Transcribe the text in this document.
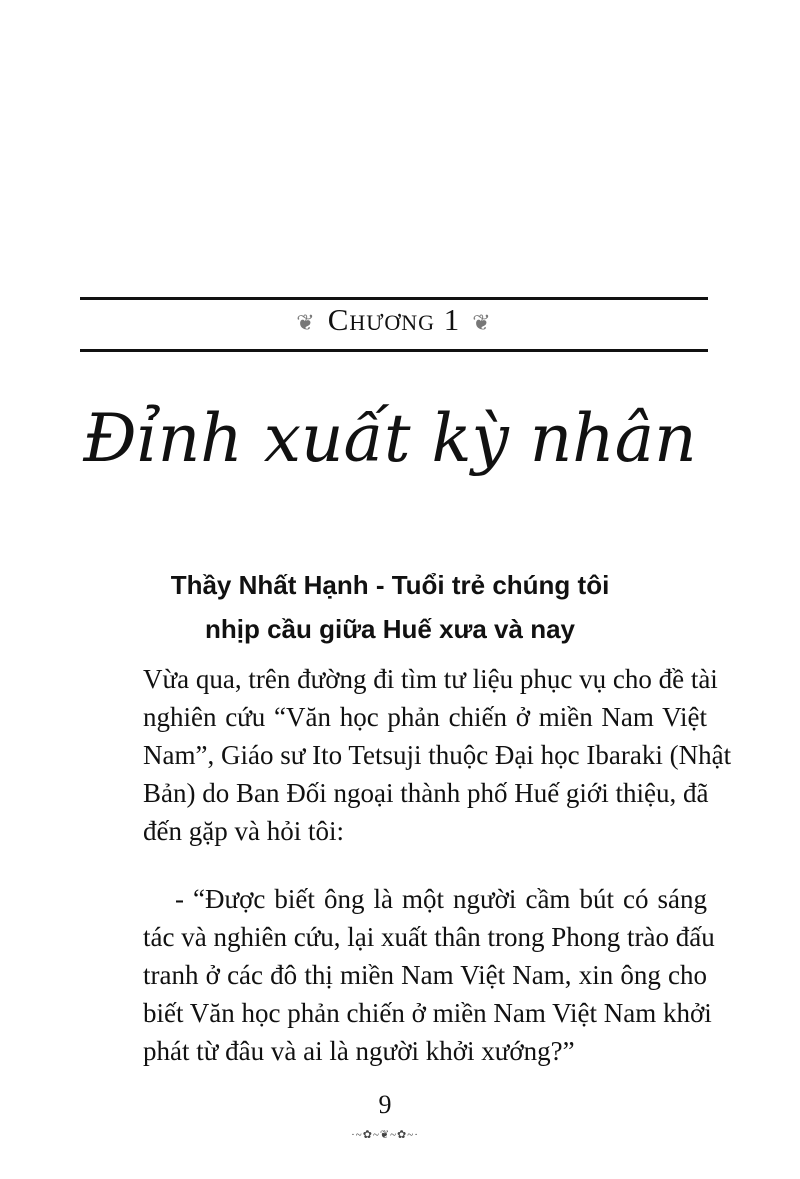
❦ Chương 1 ❦
Đỉnh xuất kỳ nhân
Thầy Nhất Hạnh - Tuổi trẻ chúng tôi
nhịp cầu giữa Huế xưa và nay
Vừa qua, trên đường đi tìm tư liệu phục vụ cho đề tài
nghiên cứu “Văn học phản chiến ở miền Nam Việt
Nam”, Giáo sư Ito Tetsuji thuộc Đại học Ibaraki (Nhật
Bản) do Ban Đối ngoại thành phố Huế giới thiệu, đã
đến gặp và hỏi tôi:
- “Được biết ông là một người cầm bút có sáng
tác và nghiên cứu, lại xuất thân trong Phong trào đấu
tranh ở các đô thị miền Nam Việt Nam, xin ông cho
biết Văn học phản chiến ở miền Nam Việt Nam khởi
phát từ đâu và ai là người khởi xướng?”
9
·~✿~❦~✿~·
